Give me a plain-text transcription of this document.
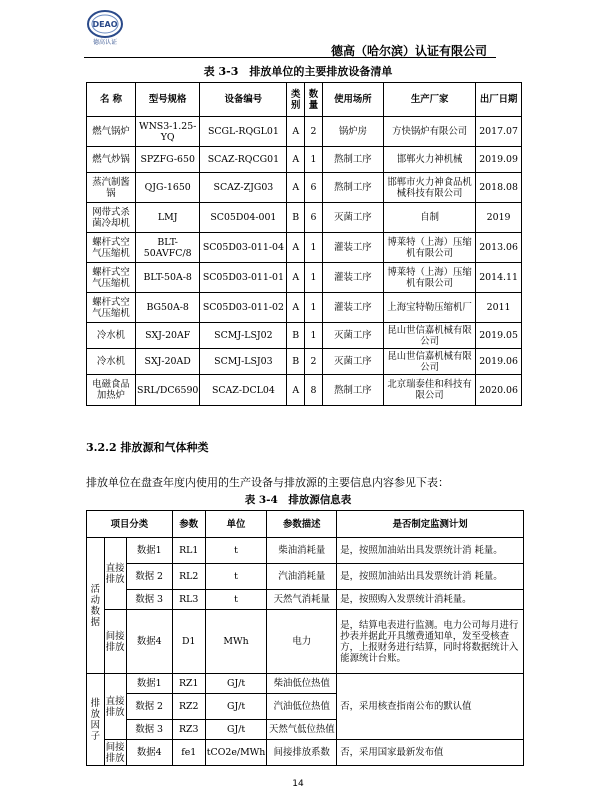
DEAO
德高认证
德高（哈尔滨）认证有限公司
表 3-3　排放单位的主要排放设备清单
名 称	型号规格	设备编号	类别	数量	使用场所	生产厂家	出厂日期
燃气锅炉	WNS3-1.25-YQ	SCGL-RQGL01	A	2	锅炉房	方快锅炉有限公司	2017.07
燃气炒锅	SPZFG-650	SCAZ-RQCG01	A	1	熬制工序	邯郸火力神机械	2019.09
蒸汽制酱锅	QJG-1650	SCAZ-ZJG03	A	6	熬制工序	邯郸市火力神食品机械科技有限公司	2018.08
网带式杀菌冷却机	LMJ	SC05D04-001	B	6	灭菌工序	自制	2019
螺杆式空气压缩机	BLT-50AVFC/8	SC05D03-011-04	A	1	灌装工序	博莱特（上海）压缩机有限公司	2013.06
螺杆式空气压缩机	BLT-50A-8	SC05D03-011-01	A	1	灌装工序	博莱特（上海）压缩机有限公司	2014.11
螺杆式空气压缩机	BG50A-8	SC05D03-011-02	A	1	灌装工序	上海宝特勒压缩机厂	2011
冷水机	SXJ-20AF	SCMJ-LSJ02	B	1	灭菌工序	昆山世信嘉机械有限公司	2019.05
冷水机	SXJ-20AD	SCMJ-LSJ03	B	2	灭菌工序	昆山世信嘉机械有限公司	2019.06
电磁食品加热炉	SRL/DC6590	SCAZ-DCL04	A	8	熬制工序	北京瑞泰佳和科技有限公司	2020.06
3.2.2 排放源和气体种类
排放单位在盘查年度内使用的生产设备与排放源的主要信息内容参见下表：
表 3-4　排放源信息表
项目分类			参数	单位	参数描述	是否制定监测计划
活动数据	直接排放	数据1	RL1	t	柴油消耗量	是，按照加油站出具发票统计消 耗量。
		数据 2	RL2	t	汽油消耗量	是，按照加油站出具发票统计消 耗量。
		数据 3	RL3	t	天然气消耗量	是，按照购入发票统计消耗量。
	间接排放	数据4	D1	MWh	电力	是，结算电表进行监测。电力公司每月进行抄表并据此开具缴费通知单，发至受核查方，上报财务进行结算，同时将数据统计入能源统计台账。
排放因子	直接排放	数据1	RZ1	GJ/t	柴油低位热值	否，采用核查指南公布的默认值
		数据 2	RZ2	GJ/t	汽油低位热值	
		数据 3	RZ3	GJ/t	天然气低位热值	
	间接排放	数据4	fe1	tCO2e/MWh	间接排放系数	否，采用国家最新发布值
14
